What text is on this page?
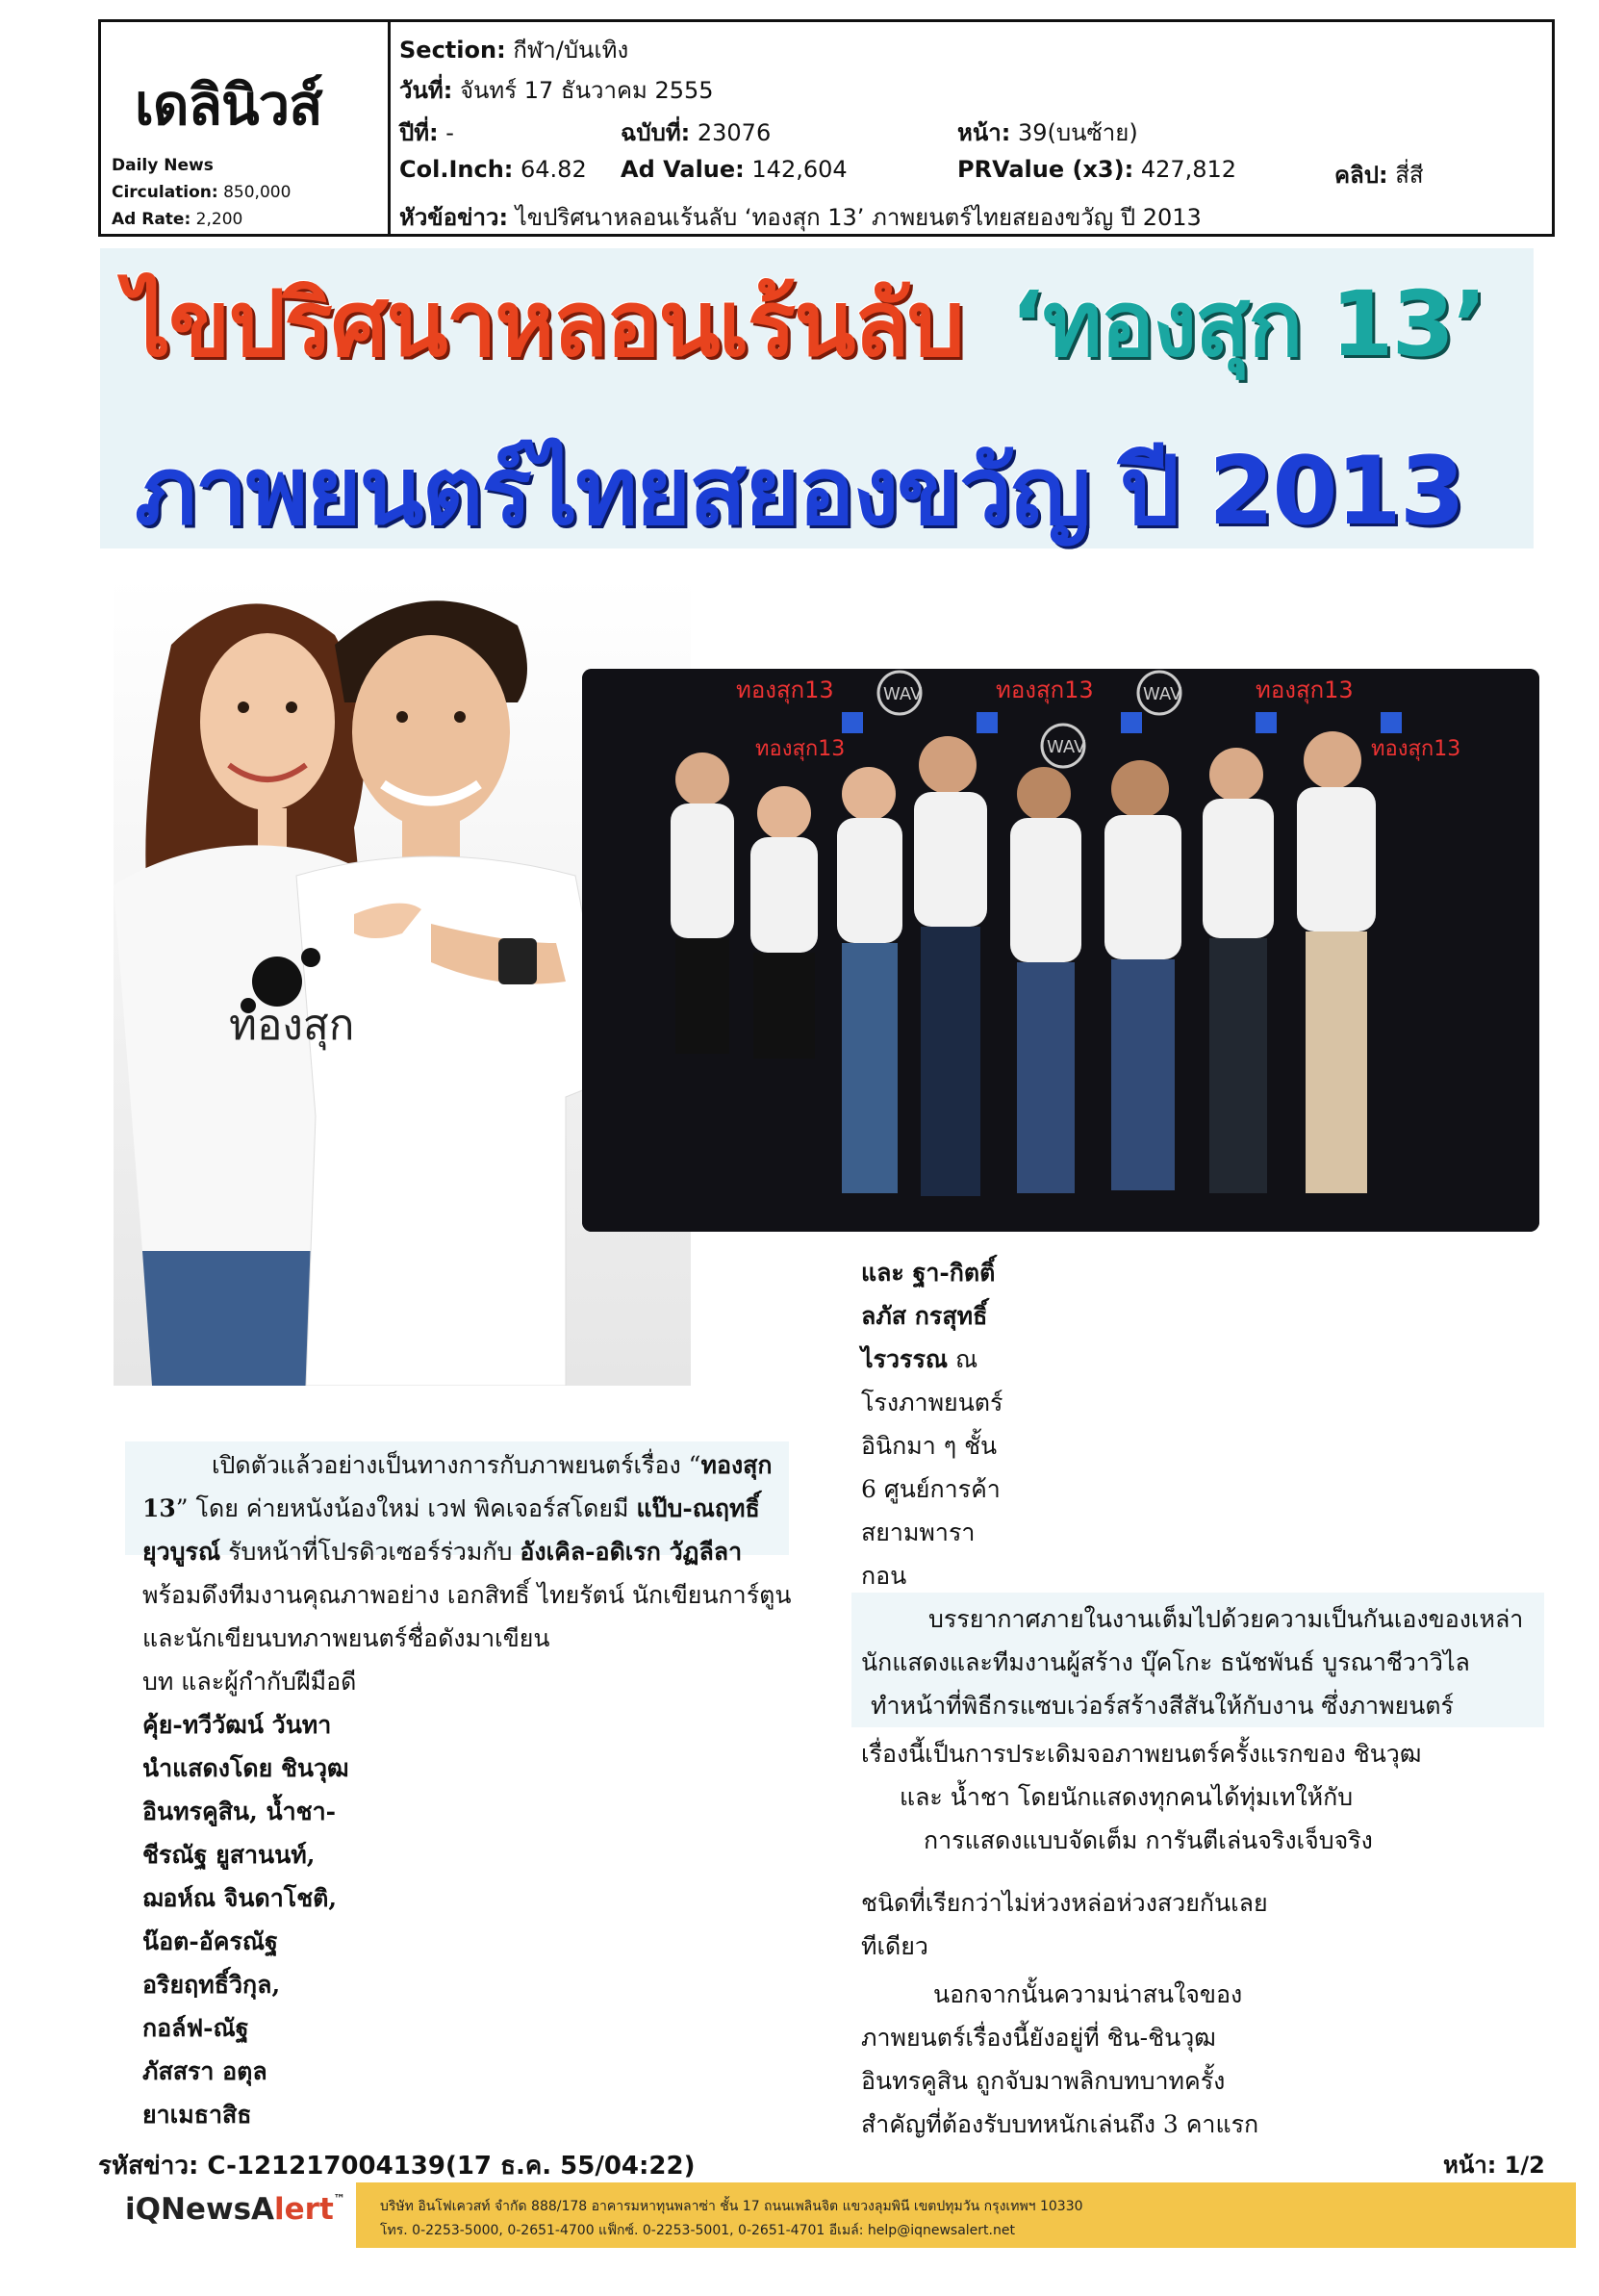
เดลินิวส์
Daily News
Circulation: 850,000
Ad Rate: 2,200
Section: กีฬา/บันเทิง
วันที่: จันทร์ 17 ธันวาคม 2555
ปีที่: -	ฉบับที่: 23076	หน้า: 39(บนซ้าย)
Col.Inch: 64.82 Ad Value: 142,604	PRValue (x3): 427,812	คลิป: สี่สี
หัวข้อข่าว: ไขปริศนาหลอนเร้นลับ ‘ทองสุก 13’ ภาพยนตร์ไทยสยองขวัญ ปี 2013
ไขปริศนาหลอนเร้นลับ ‘ทองสุก 13’
ภาพยนตร์ไทยสยองขวัญ ปี 2013
ทองสุก
ทองสุก13	ทองสุก13	ทองสุก13
ทองสุก13	ทองสุก13
WAV	WAV
WAV
เปิดตัวแล้วอย่างเป็นทางการกับภาพยนตร์เรื่อง “ทองสุก
13” โดย ค่ายหนังน้องใหม่ เวฟ พิคเจอร์สโดยมี แป๊บ-ณฤทธิ์
ยุวบูรณ์ รับหน้าที่โปรดิวเซอร์ร่วมกับ อังเคิล-อดิเรก วัฏลีลา
พร้อมดึงทีมงานคุณภาพอย่าง เอกสิทธิ์ ไทยรัตน์ นักเขียนการ์ตูน
และนักเขียนบทภาพยนตร์ชื่อดังมาเขียน
บท และผู้กำกับฝีมือดี
คุ้ย-ทวีวัฒน์ วันทา
นำแสดงโดย ชินวุฒ
อินทรคูสิน, น้ำชา-
ชีรณัฐ ยูสานนท์,
ฌอห์ณ จินดาโชติ,
น๊อต-อัครณัฐ
อริยฤทธิ์วิกุล,
กอล์ฟ-ณัฐ
ภัสสรา อตุล
ยาเมธาสิธ
และ ฐา-กิตติ์
ลภัส กรสุทธิ์
ไรวรรณ ณ
โรงภาพยนตร์
อินิกมา ๆ ชั้น
6 ศูนย์การค้า
สยามพารา
กอน
บรรยากาศภายในงานเต็มไปด้วยความเป็นกันเองของเหล่า
นักแสดงและทีมงานผู้สร้าง บุ๊คโกะ ธนัชพันธ์ บูรณาชีวาวิไล
ทำหน้าที่พิธีกรแซบเว่อร์สร้างสีสันให้กับงาน ซึ่งภาพยนตร์
เรื่องนี้เป็นการประเดิมจอภาพยนตร์ครั้งแรกของ ชินวุฒ
และ น้ำชา โดยนักแสดงทุกคนได้ทุ่มเทให้กับ
การแสดงแบบจัดเต็ม การันตีเล่นจริงเจ็บจริง
ชนิดที่เรียกว่าไม่ห่วงหล่อห่วงสวยกันเลย
ทีเดียว
นอกจากนั้นความน่าสนใจของ
ภาพยนตร์เรื่องนี้ยังอยู่ที่ ชิน-ชินวุฒ
อินทรคูสิน ถูกจับมาพลิกบทบาทครั้ง
สำคัญที่ต้องรับบทหนักเล่นถึง 3 คาแรก
รหัสข่าว: C-121217004139(17 ธ.ค. 55/04:22)	หน้า: 1/2
iQNewsAlert™	บริษัท อินโฟเควสท์ จำกัด 888/178 อาคารมหาทุนพลาซ่า ชั้น 17 ถนนเพลินจิต แขวงลุมพินี เขตปทุมวัน กรุงเทพฯ 10330
โทร. 0-2253-5000, 0-2651-4700 แฟ็กซ์. 0-2253-5001, 0-2651-4701 อีเมล์: help@iqnewsalert.net
